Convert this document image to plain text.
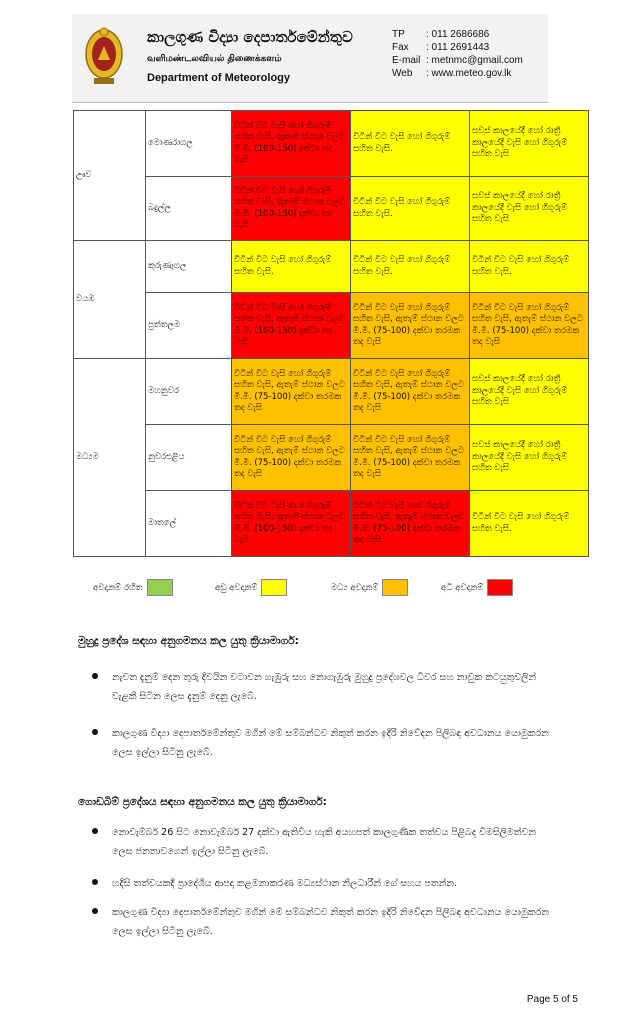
කාලගුණ විද්‍යා දෙපාර්තමේන්තුව
வளிமண்டலவியல் திணைக்களம்
Department of Meteorology
TP : 011 2686686
Fax : 011 2691443
E-mail : metnmc@gmail.com
Web : www.meteo.gov.lk
ඌව	මොණරාගල	විටින් විට වැසි හෝ ගිගුරුම් සහිත වැසි, ඇතැම් ස්ථාන වලට මි.මී. (100-150) දක්වා තද වැසි	විටින් විට වැසි හෝ ගිගුරුම් සහිත වැසි.	සවස් කාලයේදී හෝ රාත්‍රී කාලයේදී වැසි හෝ ගිගුරුම් සහිත වැසි
	බදුල්ල	විටින් විට වැසි හෝ ගිගුරුම් සහිත වැසි, ඇතැම් ස්ථාන වලට මි.මී. (100-150) දක්වා තද වැසි	විටින් විට වැසි හෝ ගිගුරුම් සහිත වැසි.	සවස් කාලයේදී හෝ රාත්‍රී කාලයේදී වැසි හෝ ගිගුරුම් සහිත වැසි
වයඹ	කුරුණෑගල	විටින් විට වැසි හෝ ගිගුරුම් සහිත වැසි.	විටින් විට වැසි හෝ ගිගුරුම් සහිත වැසි.	විටින් විට වැසි හෝ ගිගුරුම් සහිත වැසි.
	පුත්තලම	විටින් විට වැසි හෝ ගිගුරුම් සහිත වැසි, ඇතැම් ස්ථාන වලට මි.මී. (100-150) දක්වා තද වැසි	විටින් විට වැසි හෝ ගිගුරුම් සහිත වැසි, ඇතැම් ස්ථාන වලට මි.මී. (75-100) දක්වා තරමක තද වැසි	විටින් විට වැසි හෝ ගිගුරුම් සහිත වැසි, ඇතැම් ස්ථාන වලට මි.මී. (75-100) දක්වා තරමක තද වැසි
මධ්‍යම	මහනුවර	විටින් විට වැසි හෝ ගිගුරුම් සහිත වැසි, ඇතැම් ස්ථාන වලට මි.මී. (75-100) දක්වා තරමක තද වැසි	විටින් විට වැසි හෝ ගිගුරුම් සහිත වැසි, ඇතැම් ස්ථාන වලට මි.මී. (75-100) දක්වා තරමක තද වැසි	සවස් කාලයේදී හෝ රාත්‍රී කාලයේදී වැසි හෝ ගිගුරුම් සහිත වැසි
	නුවරඑළිය	විටින් විට වැසි හෝ ගිගුරුම් සහිත වැසි, ඇතැම් ස්ථාන වලට මි.මී. (75-100) දක්වා තරමක තද වැසි	විටින් විට වැසි හෝ ගිගුරුම් සහිත වැසි, ඇතැම් ස්ථාන වලට මි.මී. (75-100) දක්වා තරමක තද වැසි	සවස් කාලයේදී හෝ රාත්‍රී කාලයේදී වැසි හෝ ගිගුරුම් සහිත වැසි
	මාතලේ	විටින් විට වැසි හෝ ගිගුරුම් සහිත වැසි, ඇතැම් ස්ථාන වලට මි.මී. (100-150) දක්වා තද වැසි	විටින් විට වැසි හෝ ගිගුරුම් සහිත වැසි, ඇතැම් ස්ථාන වලට මි.මී. (75-100) දක්වා තරමක තද වැසි	විටින් විට වැසි හෝ ගිගුරුම් සහිත වැසි.
අවදානම් රහිත	අඩු අවදානම්	මධ්‍ය අවදානම්	අධි අවදානම්
මුහුදු ප්‍රදේශ සඳහා අනුගමනය කල යුතු ක්‍රියාමාර්ග:
නැවත දැනුම් දෙන තුරු දිවයින වටාවන ගැඹුරු සහ නොගැඹුරු මුහුදු ප්‍රදේශවල ධීවර සහ නාවුක කටයුතුවලින් වැළකී සිටින ලෙස දැනුම් දෙනු ලැබේ.
කාලගුණ විද්‍යා දෙපාර්තමේන්තුව මගින් මේ සම්බන්ධව නිකුත් කරන ඉදිරි නිවේදන පිලිබඳ අවධානය යොමුකරන ලෙස ඉල්ලා සිටිනු ලැබේ.
ගොඩබිම් ප්‍රදේශය සඳහා අනුගමනය කල යුතු ක්‍රියාමාර්ග:
නොවැම්බර් 26 සිට නොවැම්බර් 27 දක්වා ඇතිවිය හැකි අයහපත් කාලගුණික තත්වය පිළිබද විමසිලිමත්වන ලෙස ජනතාවගෙන් ඉල්ලා සිටිනු ලැබේ.
හදිසි තත්වයකදී ප්‍රාදේශීය ආපදා කළමනාකරණ මධ්‍යස්ථාන නිලධාරීන් ගේ සහය පතන්න.
කාලගුණ විද්‍යා දෙපාර්තමේන්තුව මගින් මේ සම්බන්ධව නිකුත් කරන ඉදිරි නිවේදන පිලිබඳ අවධානය යොමුකරන ලෙස ඉල්ලා සිටිනු ලැබේ.
Page 5 of 5
